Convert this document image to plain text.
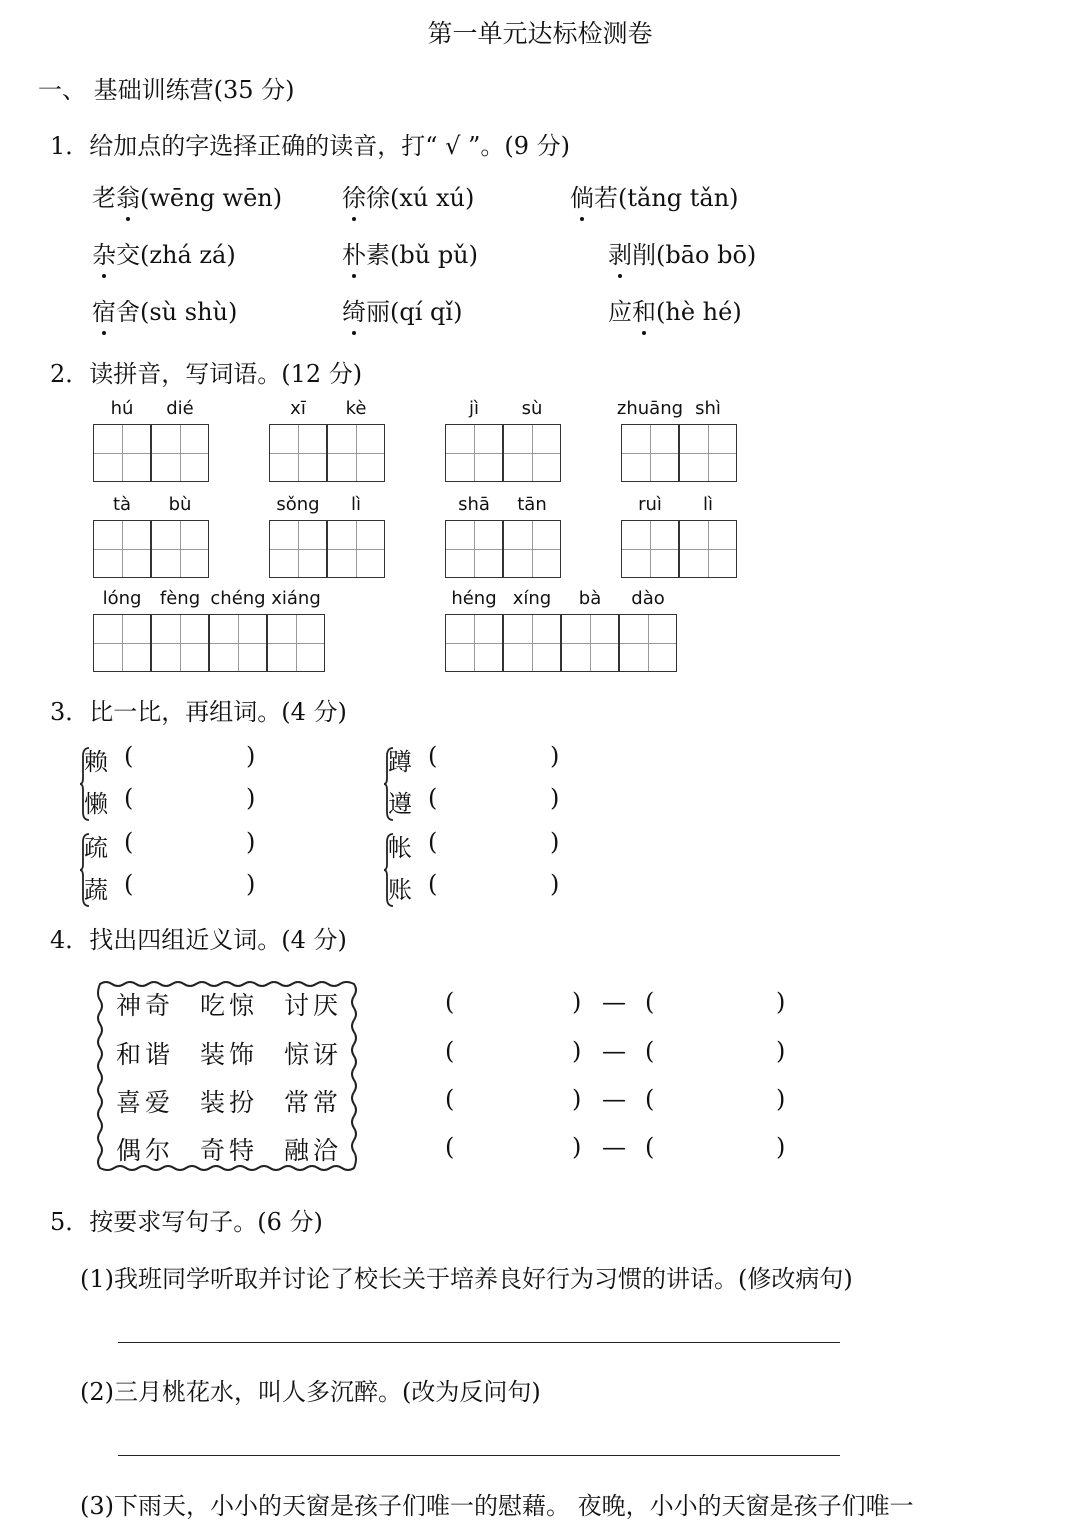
第一单元达标检测卷
一、 基础训练营(35 分)
1．给加点的字选择正确的读音，打“ √ ”。(9 分)
老翁(wēng wēn) 徐徐(xú xú)	倘若(tǎng tǎn)
杂交(zhá zá)	朴素(bǔ pǔ)	剥削(bāo bō)
宿舍(sù shù)	绮丽(qí qǐ)	应和(hè hé)
2．读拼音，写词语。(12 分)
hú	dié	xī	kè	jì	sù	zhuāng shì
tà	bù	sǒng	lì	shā	tān	ruì	lì
lóng	fèng chéng xiáng	héng xíng	bà	dào
3．比一比，再组词。(4 分)
赖 (	)
懒 (	)
蹲 (	)
遵 (	)
疏 (	)
蔬 (	)
帐 (	)
账 (	)
4．找出四组近义词。(4 分)
神奇 吃惊 讨厌	(	) — (	)
和谐 装饰 惊讶	(	) — (	)
喜爱 装扮 常常	(	) — (	)
偶尔 奇特 融洽	(	) — (	)
5．按要求写句子。(6 分)
(1)我班同学听取并讨论了校长关于培养良好行为习惯的讲话。(修改病句)
(2)三月桃花水，叫人多沉醉。(改为反问句)
(3)下雨天，小小的天窗是孩子们唯一的慰藉。 夜晚，小小的天窗是孩子们唯一
